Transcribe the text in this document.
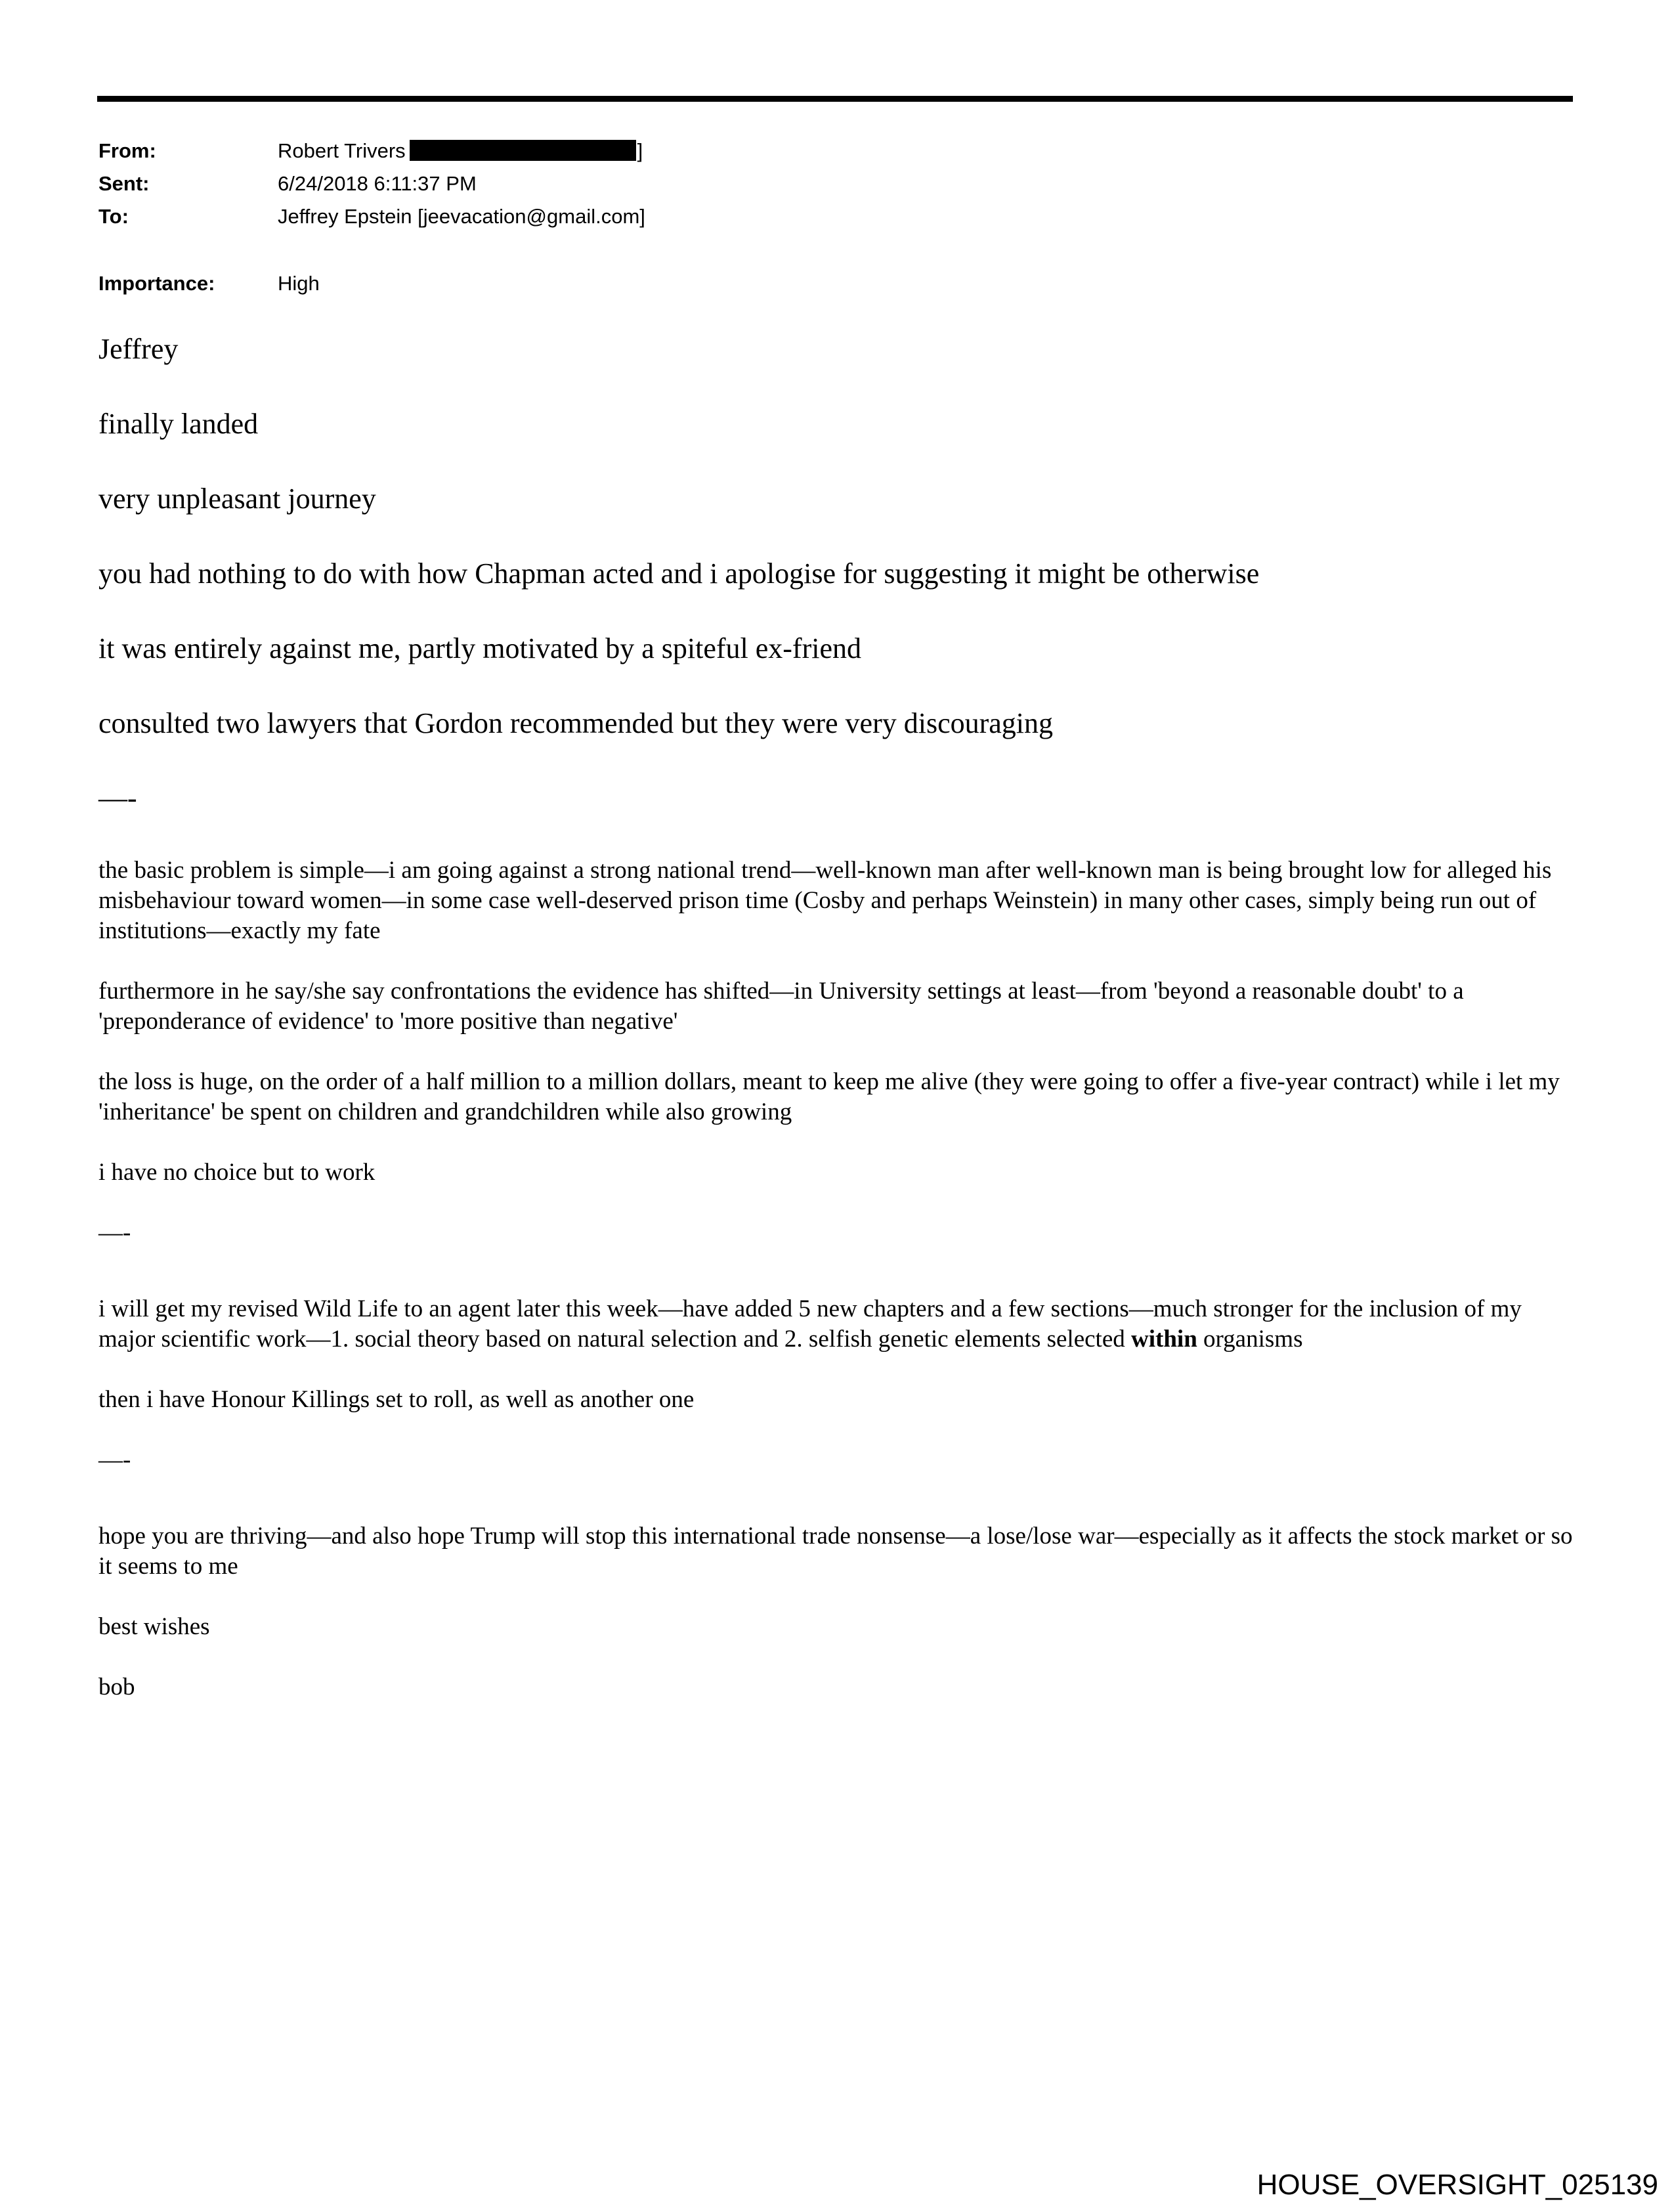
From:	Robert Trivers	]
Sent:	6/24/2018 6:11:37 PM
To:	Jeffrey Epstein [jeevacation@gmail.com]
Importance:	High

Jeffrey

finally landed

very unpleasant journey

you had nothing to do with how Chapman acted and i apologise for suggesting it might be otherwise

it was entirely against me, partly motivated by a spiteful ex-friend

consulted two lawyers that Gordon recommended but they were very discouraging

—-

the basic problem is simple—i am going against a strong national trend—well-known man after well-known man is being brought low for alleged his misbehaviour toward women—in some case well-deserved prison time (Cosby and perhaps Weinstein) in many other cases, simply being run out of institutions—exactly my fate

furthermore in he say/she say confrontations the evidence has shifted—in University settings at least—from 'beyond a reasonable doubt' to a 'preponderance of evidence' to 'more positive than negative'

the loss is huge, on the order of a half million to a million dollars, meant to keep me alive (they were going to offer a five-year contract) while i let my 'inheritance' be spent on children and grandchildren while also growing

i have no choice but to work

—-

i will get my revised Wild Life to an agent later this week—have added 5 new chapters and a few sections—much stronger for the inclusion of my major scientific work—1. social theory based on natural selection and 2. selfish genetic elements selected within organisms

then i have Honour Killings set to roll, as well as another one

—-

hope you are thriving—and also hope Trump will stop this international trade nonsense—a lose/lose war—especially as it affects the stock market or so it seems to me

best wishes

bob

HOUSE_OVERSIGHT_025139
